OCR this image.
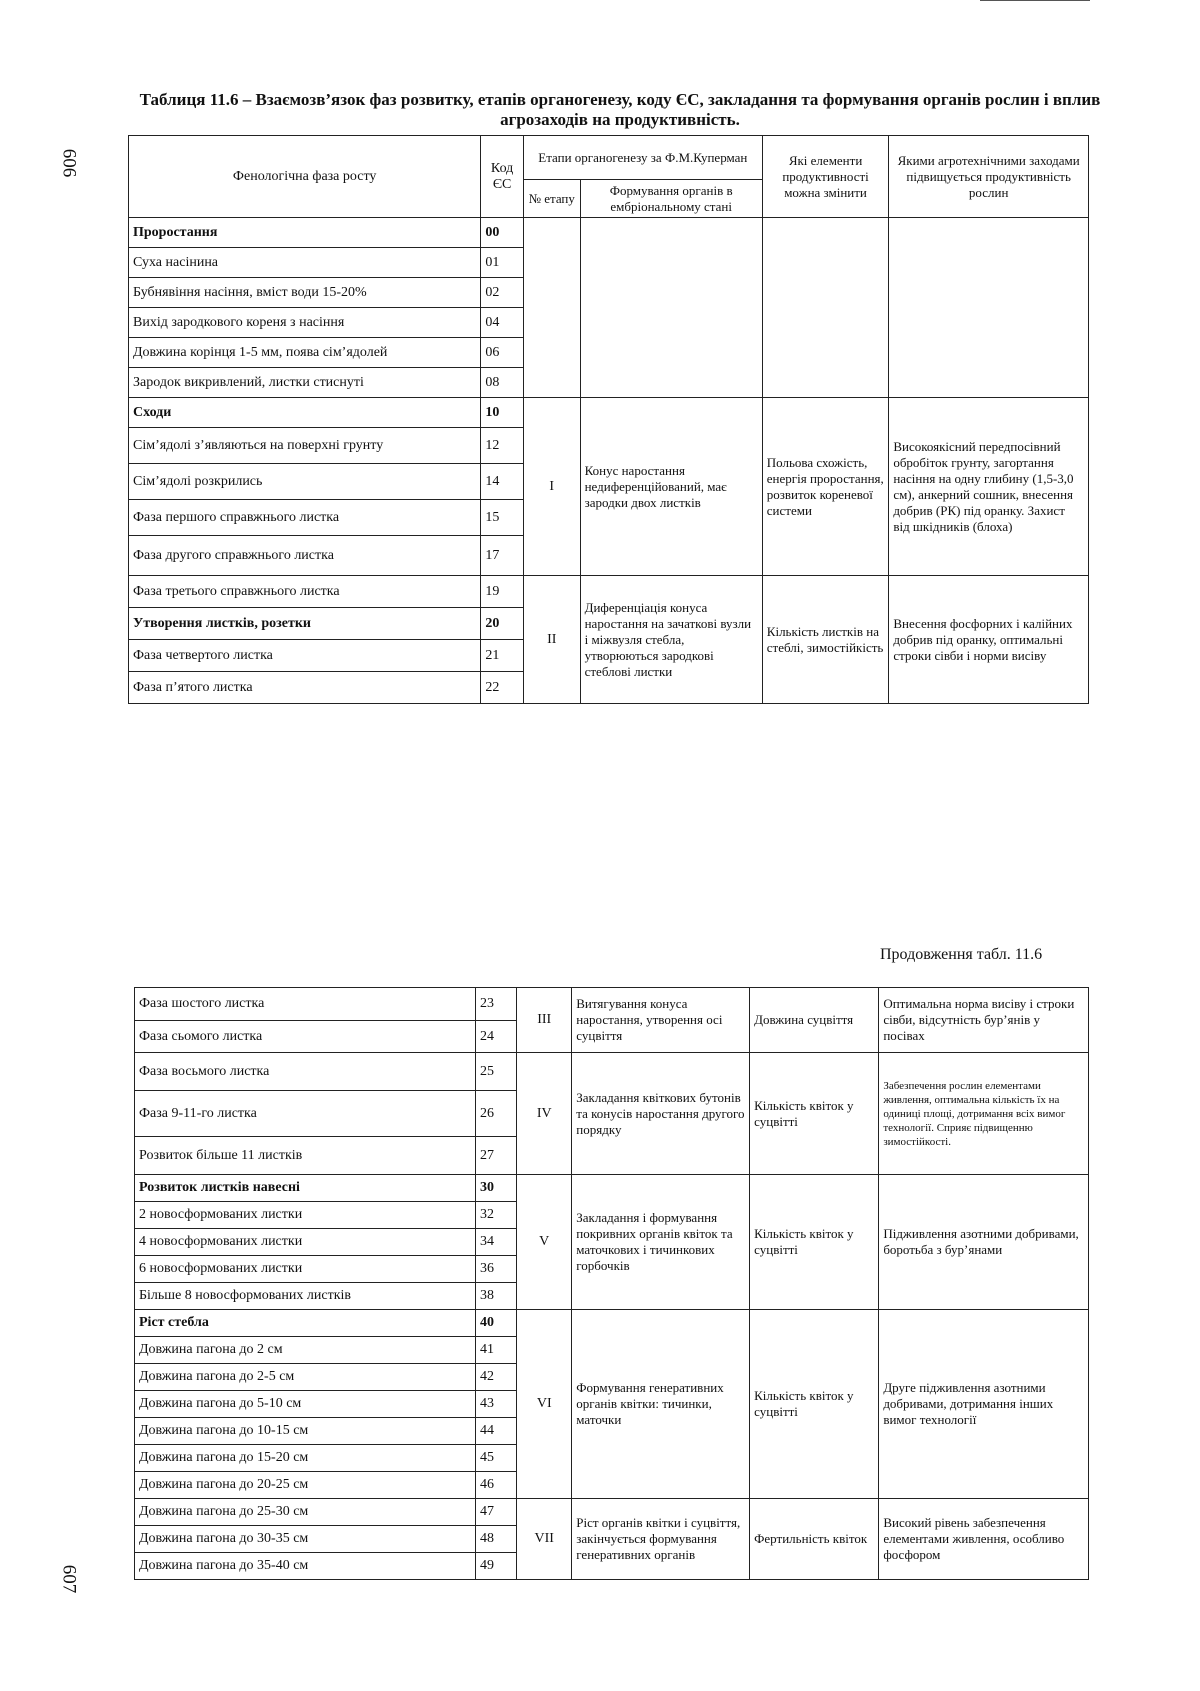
606
607
Таблиця 11.6 – Взаємозв’язок фаз розвитку, етапів органогенезу, коду ЄС, закладання та формування органів рослин і вплив агрозаходів на продуктивність.
Фенологічна фаза росту	Код ЄС	Етапи органогенезу за Ф.М.Куперман		Які елементи продуктивності можна змінити	Якими агротехнічними заходами підвищується продуктивність рослин
		№ етапу	Формування органів в ембріональному стані		
Проростання	00				
Суха насінина	01				
Бубнявіння насіння, вміст води 15-20%	02				
Вихід зародкового кореня з насіння	04				
Довжина корінця 1-5 мм, поява сім’ядолей	06				
Зародок викривлений, листки стиснуті	08				
Сходи	10	I	Конус наростання недиференційований, має зародки двох листків	Польова схожість, енергія проростання, розвиток кореневої системи	Високоякісний передпосівний обробіток грунту, загортання насіння на одну глибину (1,5-3,0 см), анкерний сошник, внесення добрив (РК) під оранку. Захист від шкідників (блоха)
Сім’ядолі з’являються на поверхні грунту	12				
Сім’ядолі розкрились	14				
Фаза першого справжнього листка	15				
Фаза другого справжнього листка	17				
Фаза третього справжнього листка	19	II	Диференціація конуса наростання на зачаткові вузли і міжвузля стебла, утворюються зародкові стеблові листки	Кількість листків на стеблі, зимостійкість	Внесення фосфорних і калійних добрив під оранку, оптимальні строки сівби і норми висіву
Утворення листків, розетки	20				
Фаза четвертого листка	21				
Фаза п’ятого листка	22				
Продовження табл. 11.6
Фаза шостого листка	23	III	Витягування конуса наростання, утворення осі суцвіття	Довжина суцвіття	Оптимальна норма висіву і строки сівби, відсутність бур’янів у посівах
Фаза сьомого листка	24				
Фаза восьмого листка	25	IV	Закладання квіткових бутонів та конусів наростання другого порядку	Кількість квіток у суцвітті	Забезпечення рослин елементами живлення, оптимальна кількість їх на одиниці площі, дотримання всіх вимог технології. Сприяє підвищенню зимостійкості.
Фаза 9-11-го листка	26				
Розвиток більше 11 листків	27				
Розвиток листків навесні	30	V	Закладання і формування покривних органів квіток та маточкових і тичинкових горбочків	Кількість квіток у суцвітті	Підживлення азотними добривами, боротьба з бур’янами
2 новосформованих листки	32				
4 новосформованих листки	34				
6 новосформованих листки	36				
Більше 8 новосформованих листків	38				
Ріст стебла	40	VI	Формування генеративних органів квітки: тичинки, маточки	Кількість квіток у суцвітті	Друге підживлення азотними добривами, дотримання інших вимог технології
Довжина пагона до 2 см	41				
Довжина пагона до 2-5 см	42				
Довжина пагона до 5-10 см	43				
Довжина пагона до 10-15 см	44				
Довжина пагона до 15-20 см	45				
Довжина пагона до 20-25 см	46				
Довжина пагона до 25-30 см	47	VII	Ріст органів квітки і суцвіття, закінчується формування генеративних органів	Фертильність квіток	Високий рівень забезпечення елементами живлення, особливо фосфором
Довжина пагона до 30-35 см	48				
Довжина пагона до 35-40 см	49				
